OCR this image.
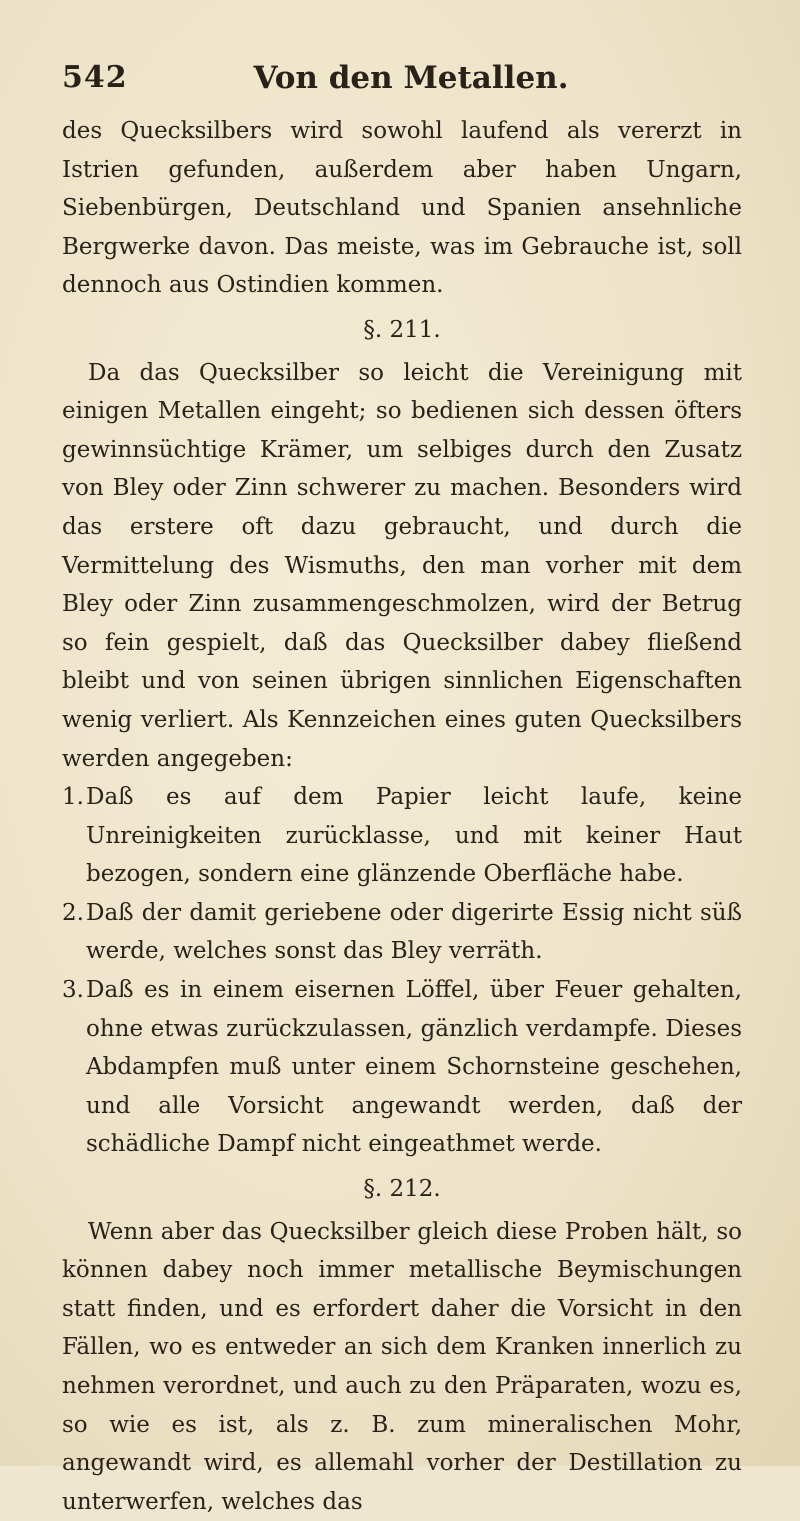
542	Von den Metallen.

des Quecksilbers wird sowohl laufend als vererzt in Istrien gefunden, außerdem aber haben Ungarn, Siebenbürgen, Deutschland und Spanien ansehnliche Bergwerke davon. Das meiste, was im Gebrauche ist, soll dennoch aus Ostindien kommen.

§. 211.

Da das Quecksilber so leicht die Vereinigung mit einigen Metallen eingeht; so bedienen sich dessen öfters gewinnsüchtige Krämer, um selbiges durch den Zusatz von Bley oder Zinn schwerer zu machen. Besonders wird das erstere oft dazu gebraucht, und durch die Vermittelung des Wismuths, den man vorher mit dem Bley oder Zinn zusammengeschmolzen, wird der Betrug so fein gespielt, daß das Quecksilber dabey fließend bleibt und von seinen übrigen sinnlichen Eigenschaften wenig verliert. Als Kennzeichen eines guten Quecksilbers werden angegeben:

1. Daß es auf dem Papier leicht laufe, keine Unreinigkeiten zurücklasse, und mit keiner Haut bezogen, sondern eine glänzende Oberfläche habe.
2. Daß der damit geriebene oder digerirte Essig nicht süß werde, welches sonst das Bley verräth.
3. Daß es in einem eisernen Löffel, über Feuer gehalten, ohne etwas zurückzulassen, gänzlich verdampfe. Dieses Abdampfen muß unter einem Schornsteine geschehen, und alle Vorsicht angewandt werden, daß der schädliche Dampf nicht eingeathmet werde.

§. 212.

Wenn aber das Quecksilber gleich diese Proben hält, so können dabey noch immer metallische Beymischungen statt finden, und es erfordert daher die Vorsicht in den Fällen, wo es entweder an sich dem Kranken innerlich zu nehmen verordnet, und auch zu den Präparaten, wozu es, so wie es ist, als z. B. zum mineralischen Mohr, angewandt wird, es allemahl vorher der Destillation zu unterwerfen, welches das
